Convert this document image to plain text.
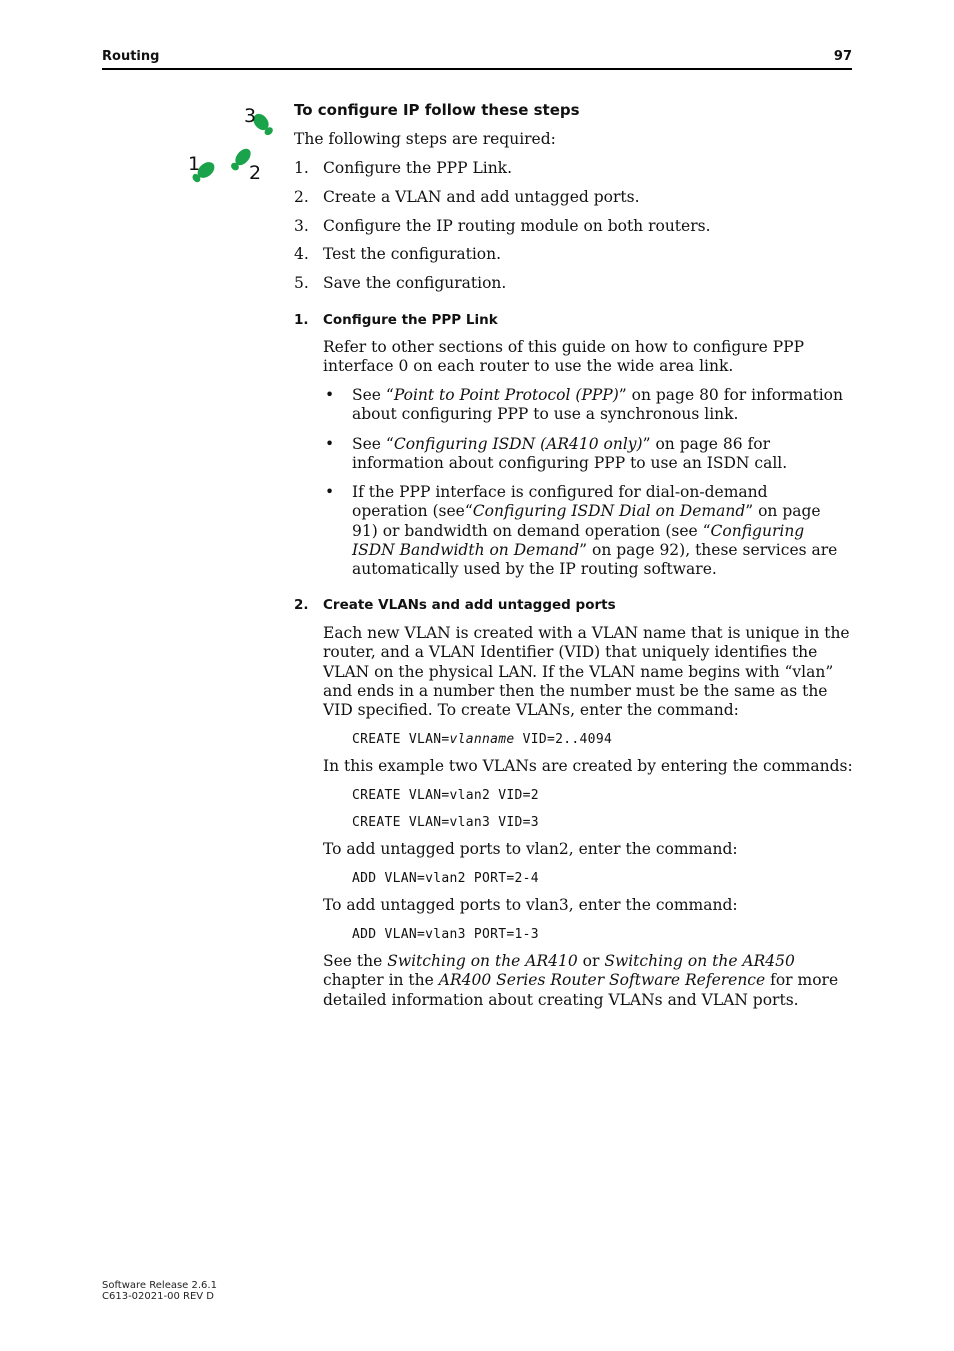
Routing	97
3
1	2
To configure IP follow these steps
The following steps are required:
1. Configure the PPP Link.
2. Create a VLAN and add untagged ports.
3. Configure the IP routing module on both routers.
4. Test the configuration.
5. Save the configuration.
1. Configure the PPP Link
Refer to other sections of this guide on how to configure PPP interface 0 on each router to use the wide area link.
• See “Point to Point Protocol (PPP)” on page 80 for information about configuring PPP to use a synchronous link.
• See “Configuring ISDN (AR410 only)” on page 86 for information about configuring PPP to use an ISDN call.
• If the PPP interface is configured for dial-on-demand operation (see“Configuring ISDN Dial on Demand” on page 91) or bandwidth on demand operation (see “Configuring ISDN Bandwidth on Demand” on page 92), these services are automatically used by the IP routing software.
2. Create VLANs and add untagged ports
Each new VLAN is created with a VLAN name that is unique in the router, and a VLAN Identifier (VID) that uniquely identifies the VLAN on the physical LAN. If the VLAN name begins with “vlan” and ends in a number then the number must be the same as the VID specified. To create VLANs, enter the command:
CREATE VLAN=vlanname VID=2..4094
In this example two VLANs are created by entering the commands:
CREATE VLAN=vlan2 VID=2
CREATE VLAN=vlan3 VID=3
To add untagged ports to vlan2, enter the command:
ADD VLAN=vlan2 PORT=2-4
To add untagged ports to vlan3, enter the command:
ADD VLAN=vlan3 PORT=1-3
See the Switching on the AR410 or Switching on the AR450 chapter in the AR400 Series Router Software Reference for more detailed information about creating VLANs and VLAN ports.
Software Release 2.6.1
C613-02021-00 REV D
